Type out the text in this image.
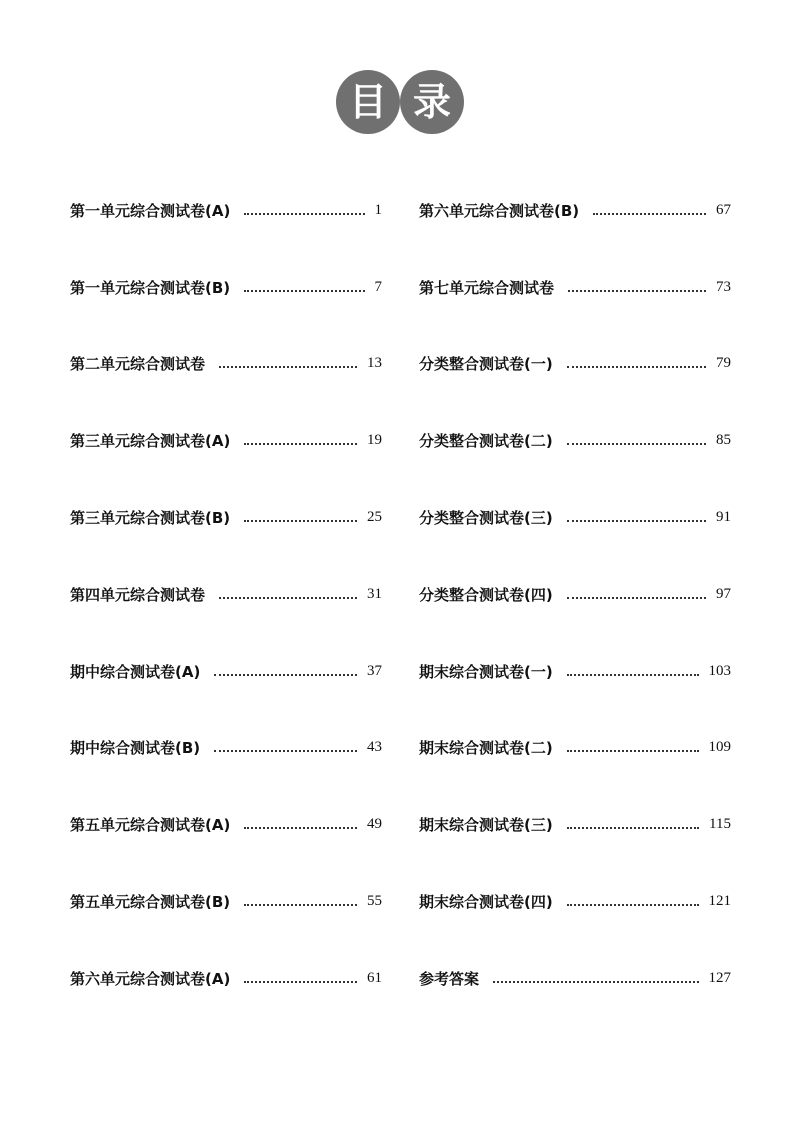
目 录
第一单元综合测试卷(A)	1
第一单元综合测试卷(B)	7
第二单元综合测试卷	13
第三单元综合测试卷(A)	19
第三单元综合测试卷(B)	25
第四单元综合测试卷	31
期中综合测试卷(A)	37
期中综合测试卷(B)	43
第五单元综合测试卷(A)	49
第五单元综合测试卷(B)	55
第六单元综合测试卷(A)	61
第六单元综合测试卷(B)	67
第七单元综合测试卷	73
分类整合测试卷(一)	79
分类整合测试卷(二)	85
分类整合测试卷(三)	91
分类整合测试卷(四)	97
期末综合测试卷(一)	103
期末综合测试卷(二)	109
期末综合测试卷(三)	115
期末综合测试卷(四)	121
参考答案	127
